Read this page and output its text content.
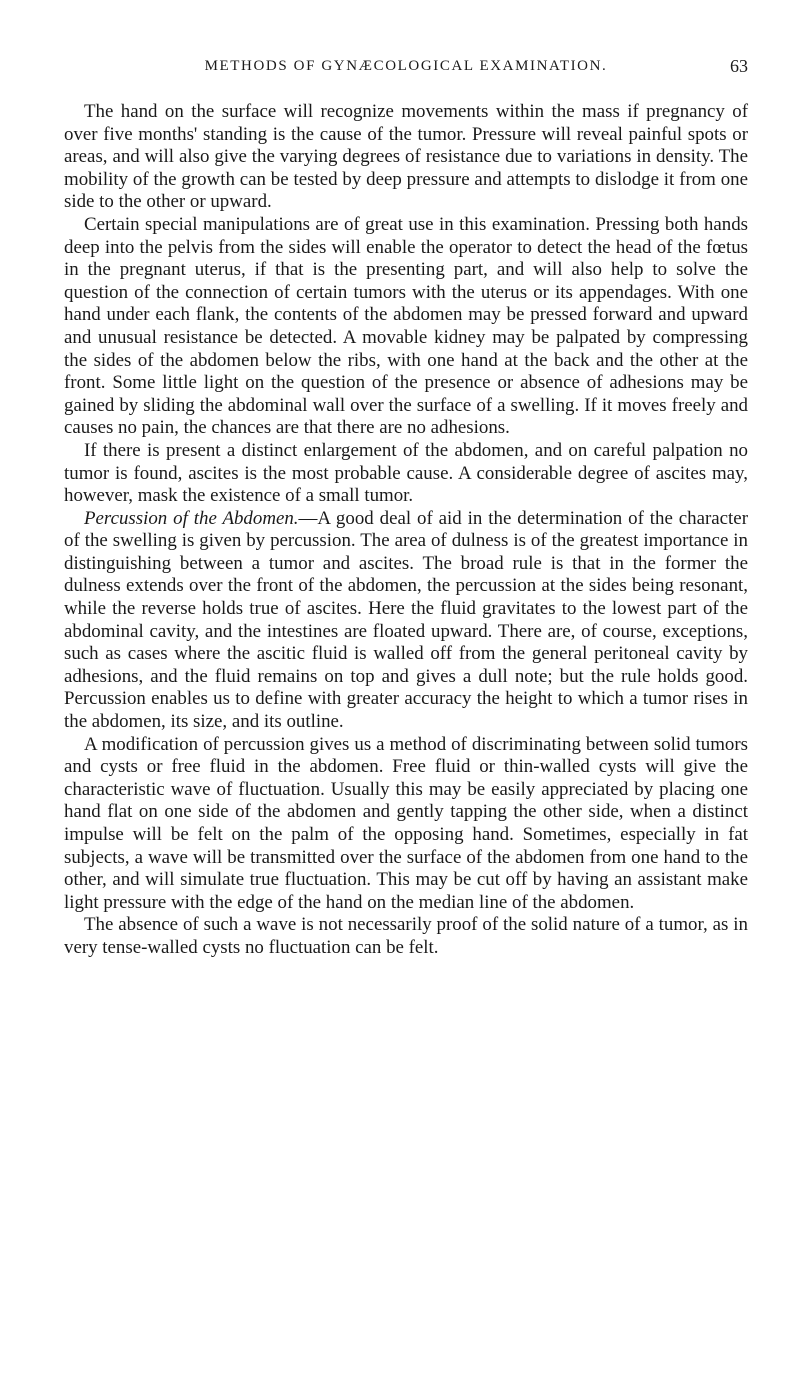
METHODS OF GYNÆCOLOGICAL EXAMINATION.	63

The hand on the surface will recognize movements within the mass if pregnancy of over five months' standing is the cause of the tumor. Pressure will reveal painful spots or areas, and will also give the varying degrees of resistance due to variations in density. The mobility of the growth can be tested by deep pressure and attempts to dislodge it from one side to the other or upward.

Certain special manipulations are of great use in this examination. Pressing both hands deep into the pelvis from the sides will enable the operator to detect the head of the fœtus in the pregnant uterus, if that is the presenting part, and will also help to solve the question of the connection of certain tumors with the uterus or its appendages. With one hand under each flank, the contents of the abdomen may be pressed forward and upward and unusual resistance be detected. A movable kidney may be palpated by compressing the sides of the abdomen below the ribs, with one hand at the back and the other at the front. Some little light on the question of the presence or absence of adhesions may be gained by sliding the abdominal wall over the surface of a swelling. If it moves freely and causes no pain, the chances are that there are no adhesions.

If there is present a distinct enlargement of the abdomen, and on careful palpation no tumor is found, ascites is the most probable cause. A considerable degree of ascites may, however, mask the existence of a small tumor.

Percussion of the Abdomen.—A good deal of aid in the determination of the character of the swelling is given by percussion. The area of dulness is of the greatest importance in distinguishing between a tumor and ascites. The broad rule is that in the former the dulness extends over the front of the abdomen, the percussion at the sides being resonant, while the reverse holds true of ascites. Here the fluid gravitates to the lowest part of the abdominal cavity, and the intestines are floated upward. There are, of course, exceptions, such as cases where the ascitic fluid is walled off from the general peritoneal cavity by adhesions, and the fluid remains on top and gives a dull note; but the rule holds good. Percussion enables us to define with greater accuracy the height to which a tumor rises in the abdomen, its size, and its outline.

A modification of percussion gives us a method of discriminating between solid tumors and cysts or free fluid in the abdomen. Free fluid or thin-walled cysts will give the characteristic wave of fluctuation. Usually this may be easily appreciated by placing one hand flat on one side of the abdomen and gently tapping the other side, when a distinct impulse will be felt on the palm of the opposing hand. Sometimes, especially in fat subjects, a wave will be transmitted over the surface of the abdomen from one hand to the other, and will simulate true fluctuation. This may be cut off by having an assistant make light pressure with the edge of the hand on the median line of the abdomen.

The absence of such a wave is not necessarily proof of the solid nature of a tumor, as in very tense-walled cysts no fluctuation can be felt.
